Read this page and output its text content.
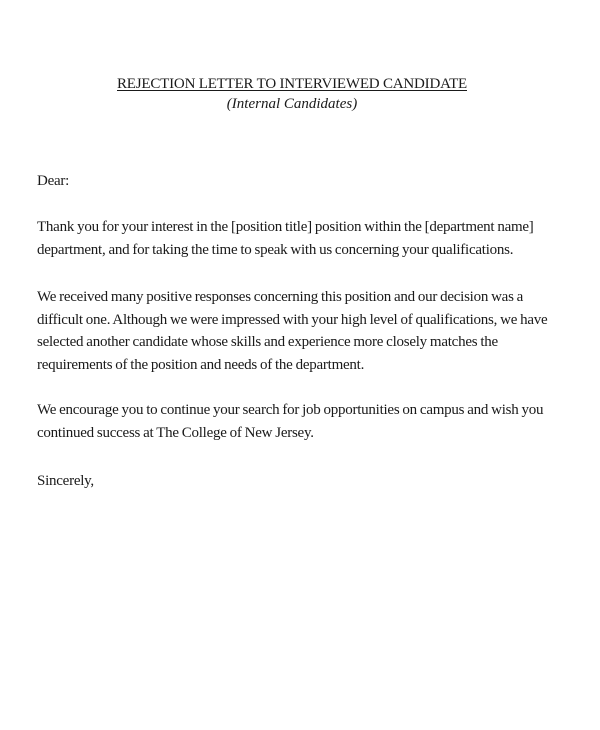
REJECTION LETTER TO INTERVIEWED CANDIDATE
(Internal Candidates)

Dear:

Thank you for your interest in the [position title] position within the [department name] department, and for taking the time to speak with us concerning your qualifications.

We received many positive responses concerning this position and our decision was a difficult one. Although we were impressed with your high level of qualifications, we have selected another candidate whose skills and experience more closely matches the requirements of the position and needs of the department.

We encourage you to continue your search for job opportunities on campus and wish you continued success at The College of New Jersey.

Sincerely,
